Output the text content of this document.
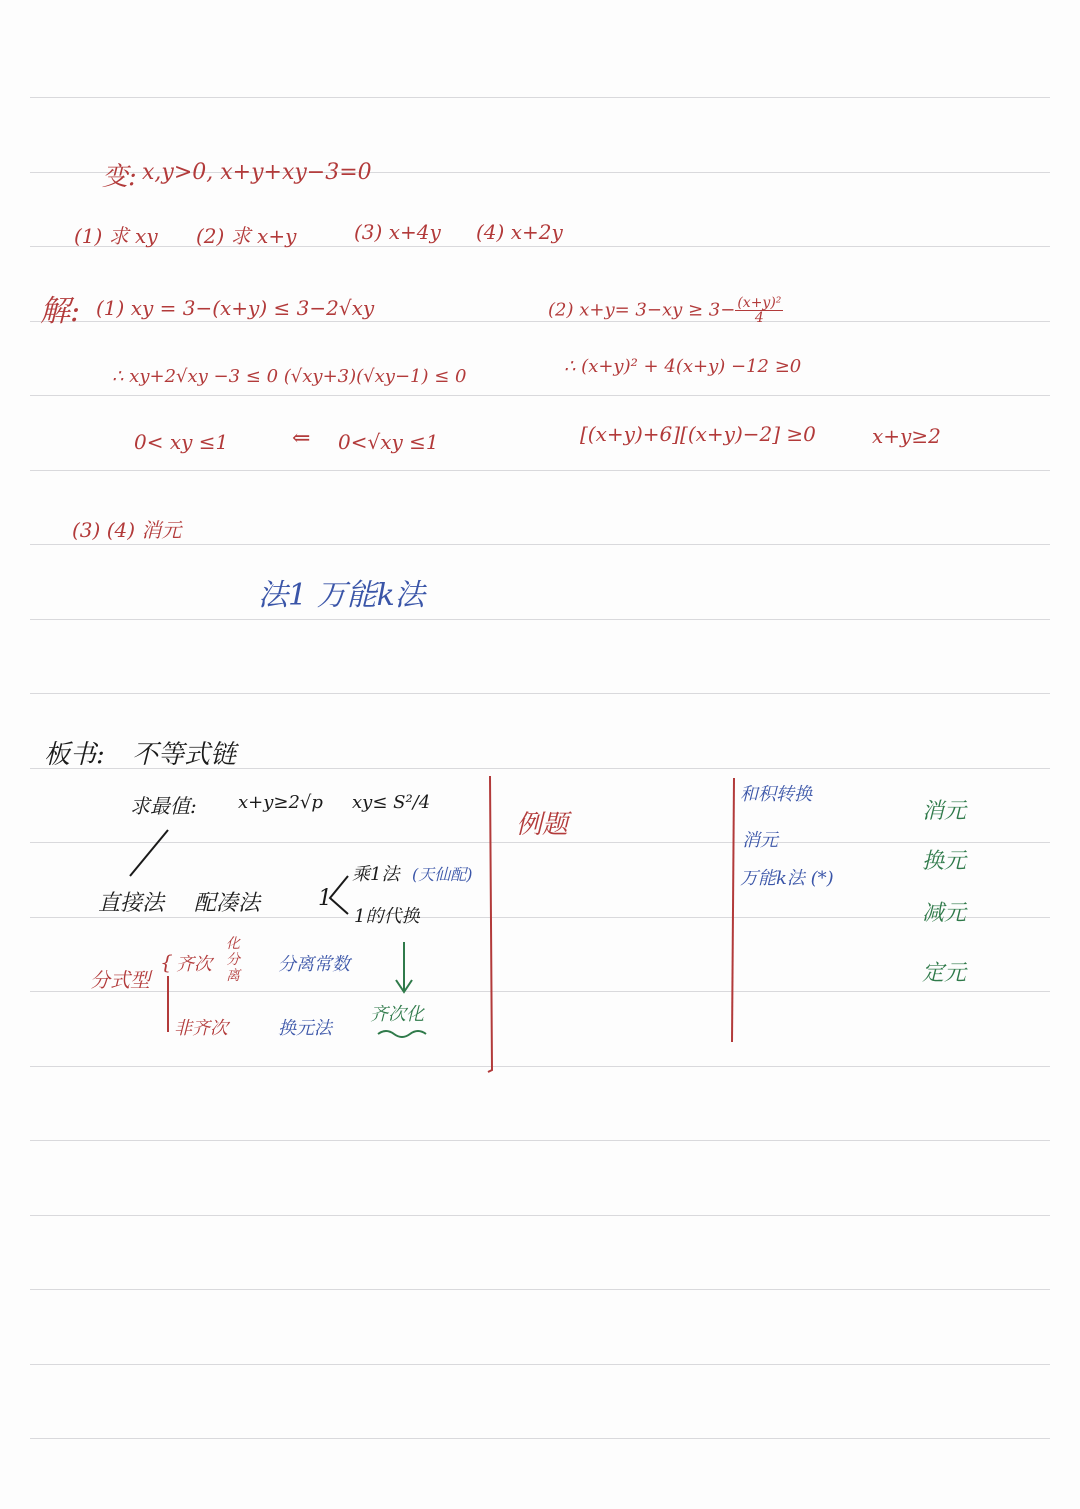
变: x,y>0, x+y+xy−3=0
(1) 求 xy (2) 求 x+y	(3) x+4y (4) x+2y
解: (1) xy = 3−(x+y) ≤ 3−2√xy
∴ xy+2√xy −3 ≤ 0 (√xy+3)(√xy−1) ≤ 0
0< xy ≤1	⇐ 0<√xy ≤1
(2) $x+y= 3-xy \ge 3- \frac{\text{(x+y)²}}{4}$
∴ (x+y)² + 4(x+y) −12 ≥0
[(x+y)+6][(x+y)−2] ≥0	x+y≥2
(3) (4) 消元
法1 万能k法
板书: 不等式链
求最值: x+y≥2√p xy≤ S²/4
直接法 配凑法	1
乘1法 (天仙配)
1的代换
齐次化
分式型
{ 齐次
化
分
离
分离常数
非齐次	换元法
例题
和积转换
消元
万能k法 (*)
消元
换元
减元
定元
